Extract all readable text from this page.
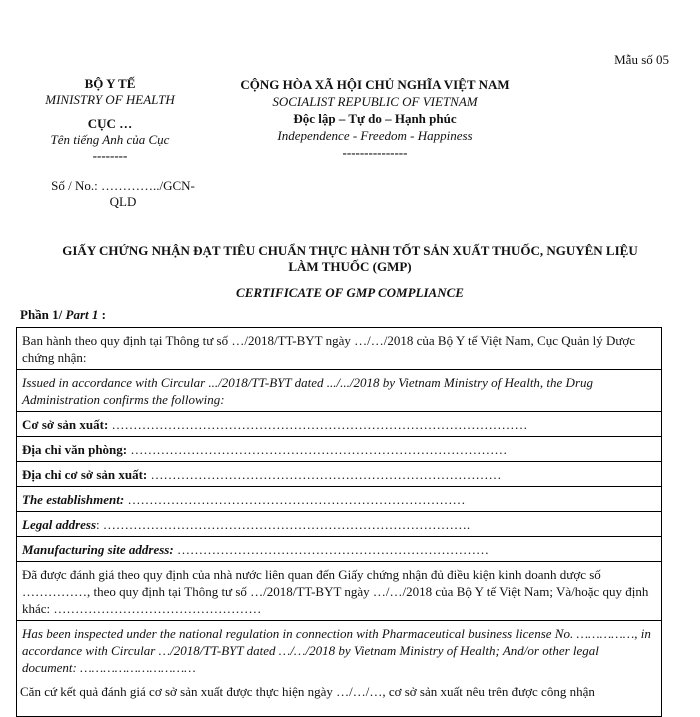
Mẫu số 05
BỘ Y TẾ
MINISTRY OF HEALTH
CỤC …
Tên tiếng Anh của Cục
--------
Số / No.: …………../GCN-
QLD
CỘNG HÒA XÃ HỘI CHỦ NGHĨA VIỆT NAM
SOCIALIST REPUBLIC OF VIETNAM
Độc lập – Tự do – Hạnh phúc
Independence - Freedom - Happiness
---------------
GIẤY CHỨNG NHẬN ĐẠT TIÊU CHUẨN THỰC HÀNH TỐT SẢN XUẤT THUỐC, NGUYÊN LIỆU
LÀM THUỐC (GMP)
CERTIFICATE OF GMP COMPLIANCE
Phần 1/ Part 1 :
Ban hành theo quy định tại Thông tư số …/2018/TT-BYT ngày …/…/2018 của Bộ Y tế Việt Nam, Cục Quản lý Dược chứng nhận:
Issued in accordance with Circular .../2018/TT-BYT dated .../.../2018 by Vietnam Ministry of Health, the Drug Administration confirms the following:
Cơ sở sản xuất: ……………………………………………………………………………………
Địa chỉ văn phòng: ……………………………………………………………………………
Địa chỉ cơ sở sản xuất: ………………………………………………………………………
The establishment: ……………………………………………………………………
Legal address: ………………………………………………………………………….
Manufacturing site address: ………………………………………………………………
Đã được đánh giá theo quy định của nhà nước liên quan đến Giấy chứng nhận đủ điều kiện kinh doanh dược số ……………, theo quy định tại Thông tư số …/2018/TT-BYT ngày …/…/2018 của Bộ Y tế Việt Nam; Và/hoặc quy định khác: …………………………………………
Has been inspected under the national regulation in connection with Pharmaceutical business license No. ……………, in accordance with Circular …/2018/TT-BYT dated …/…/2018 by Vietnam Ministry of Health; And/or other legal document: …………………………
Căn cứ kết quả đánh giá cơ sở sản xuất được thực hiện ngày …/…/…, cơ sở sản xuất nêu trên được công nhận
